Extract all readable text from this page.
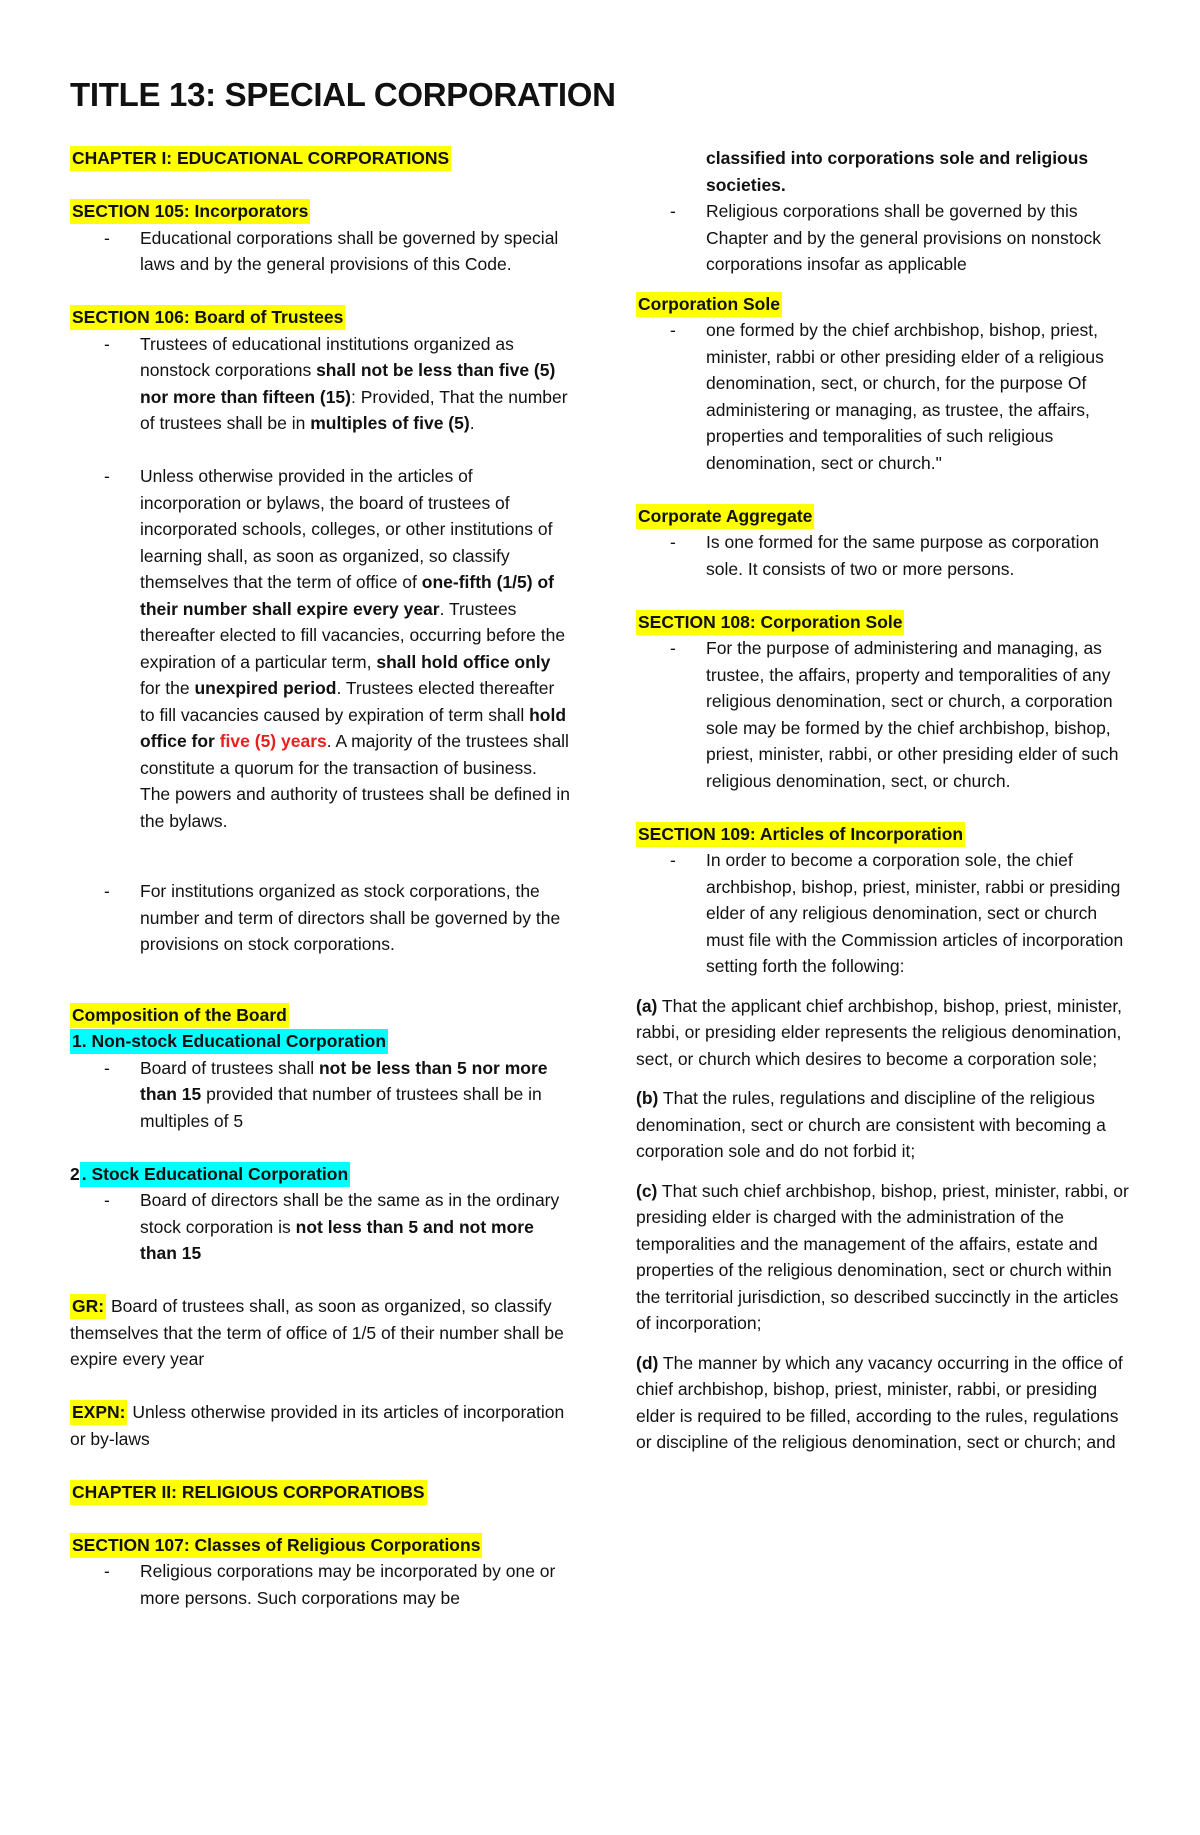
TITLE 13: SPECIAL CORPORATION

CHAPTER I: EDUCATIONAL CORPORATIONS

SECTION 105: Incorporators

- Educational corporations shall be governed by special laws and by the general provisions of this Code.

SECTION 106: Board of Trustees

- Trustees of educational institutions organized as nonstock corporations shall not be less than five (5) nor more than fifteen (15): Provided, That the number of trustees shall be in multiples of five (5).
- Unless otherwise provided in the articles of incorporation or bylaws, the board of trustees of incorporated schools, colleges, or other institutions of learning shall, as soon as organized, so classify themselves that the term of office of one-fifth (1/5) of their number shall expire every year. Trustees thereafter elected to fill vacancies, occurring before the expiration of a particular term, shall hold office only for the unexpired period. Trustees elected thereafter to fill vacancies caused by expiration of term shall hold office for five (5) years. A majority of the trustees shall constitute a quorum for the transaction of business. The powers and authority of trustees shall be defined in the bylaws.
- For institutions organized as stock corporations, the number and term of directors shall be governed by the provisions on stock corporations.

Composition of the Board

1. Non-stock Educational Corporation

- Board of trustees shall not be less than 5 nor more than 15 provided that number of trustees shall be in multiples of 5

2 . Stock Educational Corporation

- Board of directors shall be the same as in the ordinary stock corporation is not less than 5 and not more than 15

GR: Board of trustees shall, as soon as organized, so classify themselves that the term of office of 1/5 of their number shall be expire every year

EXPN: Unless otherwise provided in its articles of incorporation or by-laws

CHAPTER II: RELIGIOUS CORPORATIOBS

SECTION 107: Classes of Religious Corporations

- Religious corporations may be incorporated by one or more persons. Such corporations may be

classified into corporations sole and religious societies.

- Religious corporations shall be governed by this Chapter and by the general provisions on nonstock corporations insofar as applicable

Corporation Sole

- one formed by the chief archbishop, bishop, priest, minister, rabbi or other presiding elder of a religious denomination, sect, or church, for the purpose Of administering or managing, as trustee, the affairs, properties and temporalities of such religious denomination, sect or church."

Corporate Aggregate

- Is one formed for the same purpose as corporation sole. It consists of two or more persons.

SECTION 108: Corporation Sole

- For the purpose of administering and managing, as trustee, the affairs, property and temporalities of any religious denomination, sect or church, a corporation sole may be formed by the chief archbishop, bishop, priest, minister, rabbi, or other presiding elder of such religious denomination, sect, or church.

SECTION 109: Articles of Incorporation

- In order to become a corporation sole, the chief archbishop, bishop, priest, minister, rabbi or presiding elder of any religious denomination, sect or church must file with the Commission articles of incorporation setting forth the following:

(a) That the applicant chief archbishop, bishop, priest, minister, rabbi, or presiding elder represents the religious denomination, sect, or church which desires to become a corporation sole;

(b) That the rules, regulations and discipline of the religious denomination, sect or church are consistent with becoming a corporation sole and do not forbid it;

(c) That such chief archbishop, bishop, priest, minister, rabbi, or presiding elder is charged with the administration of the temporalities and the management of the affairs, estate and properties of the religious denomination, sect or church within the territorial jurisdiction, so described succinctly in the articles of incorporation;

(d) The manner by which any vacancy occurring in the office of chief archbishop, bishop, priest, minister, rabbi, or presiding elder is required to be filled, according to the rules, regulations or discipline of the religious denomination, sect or church; and
